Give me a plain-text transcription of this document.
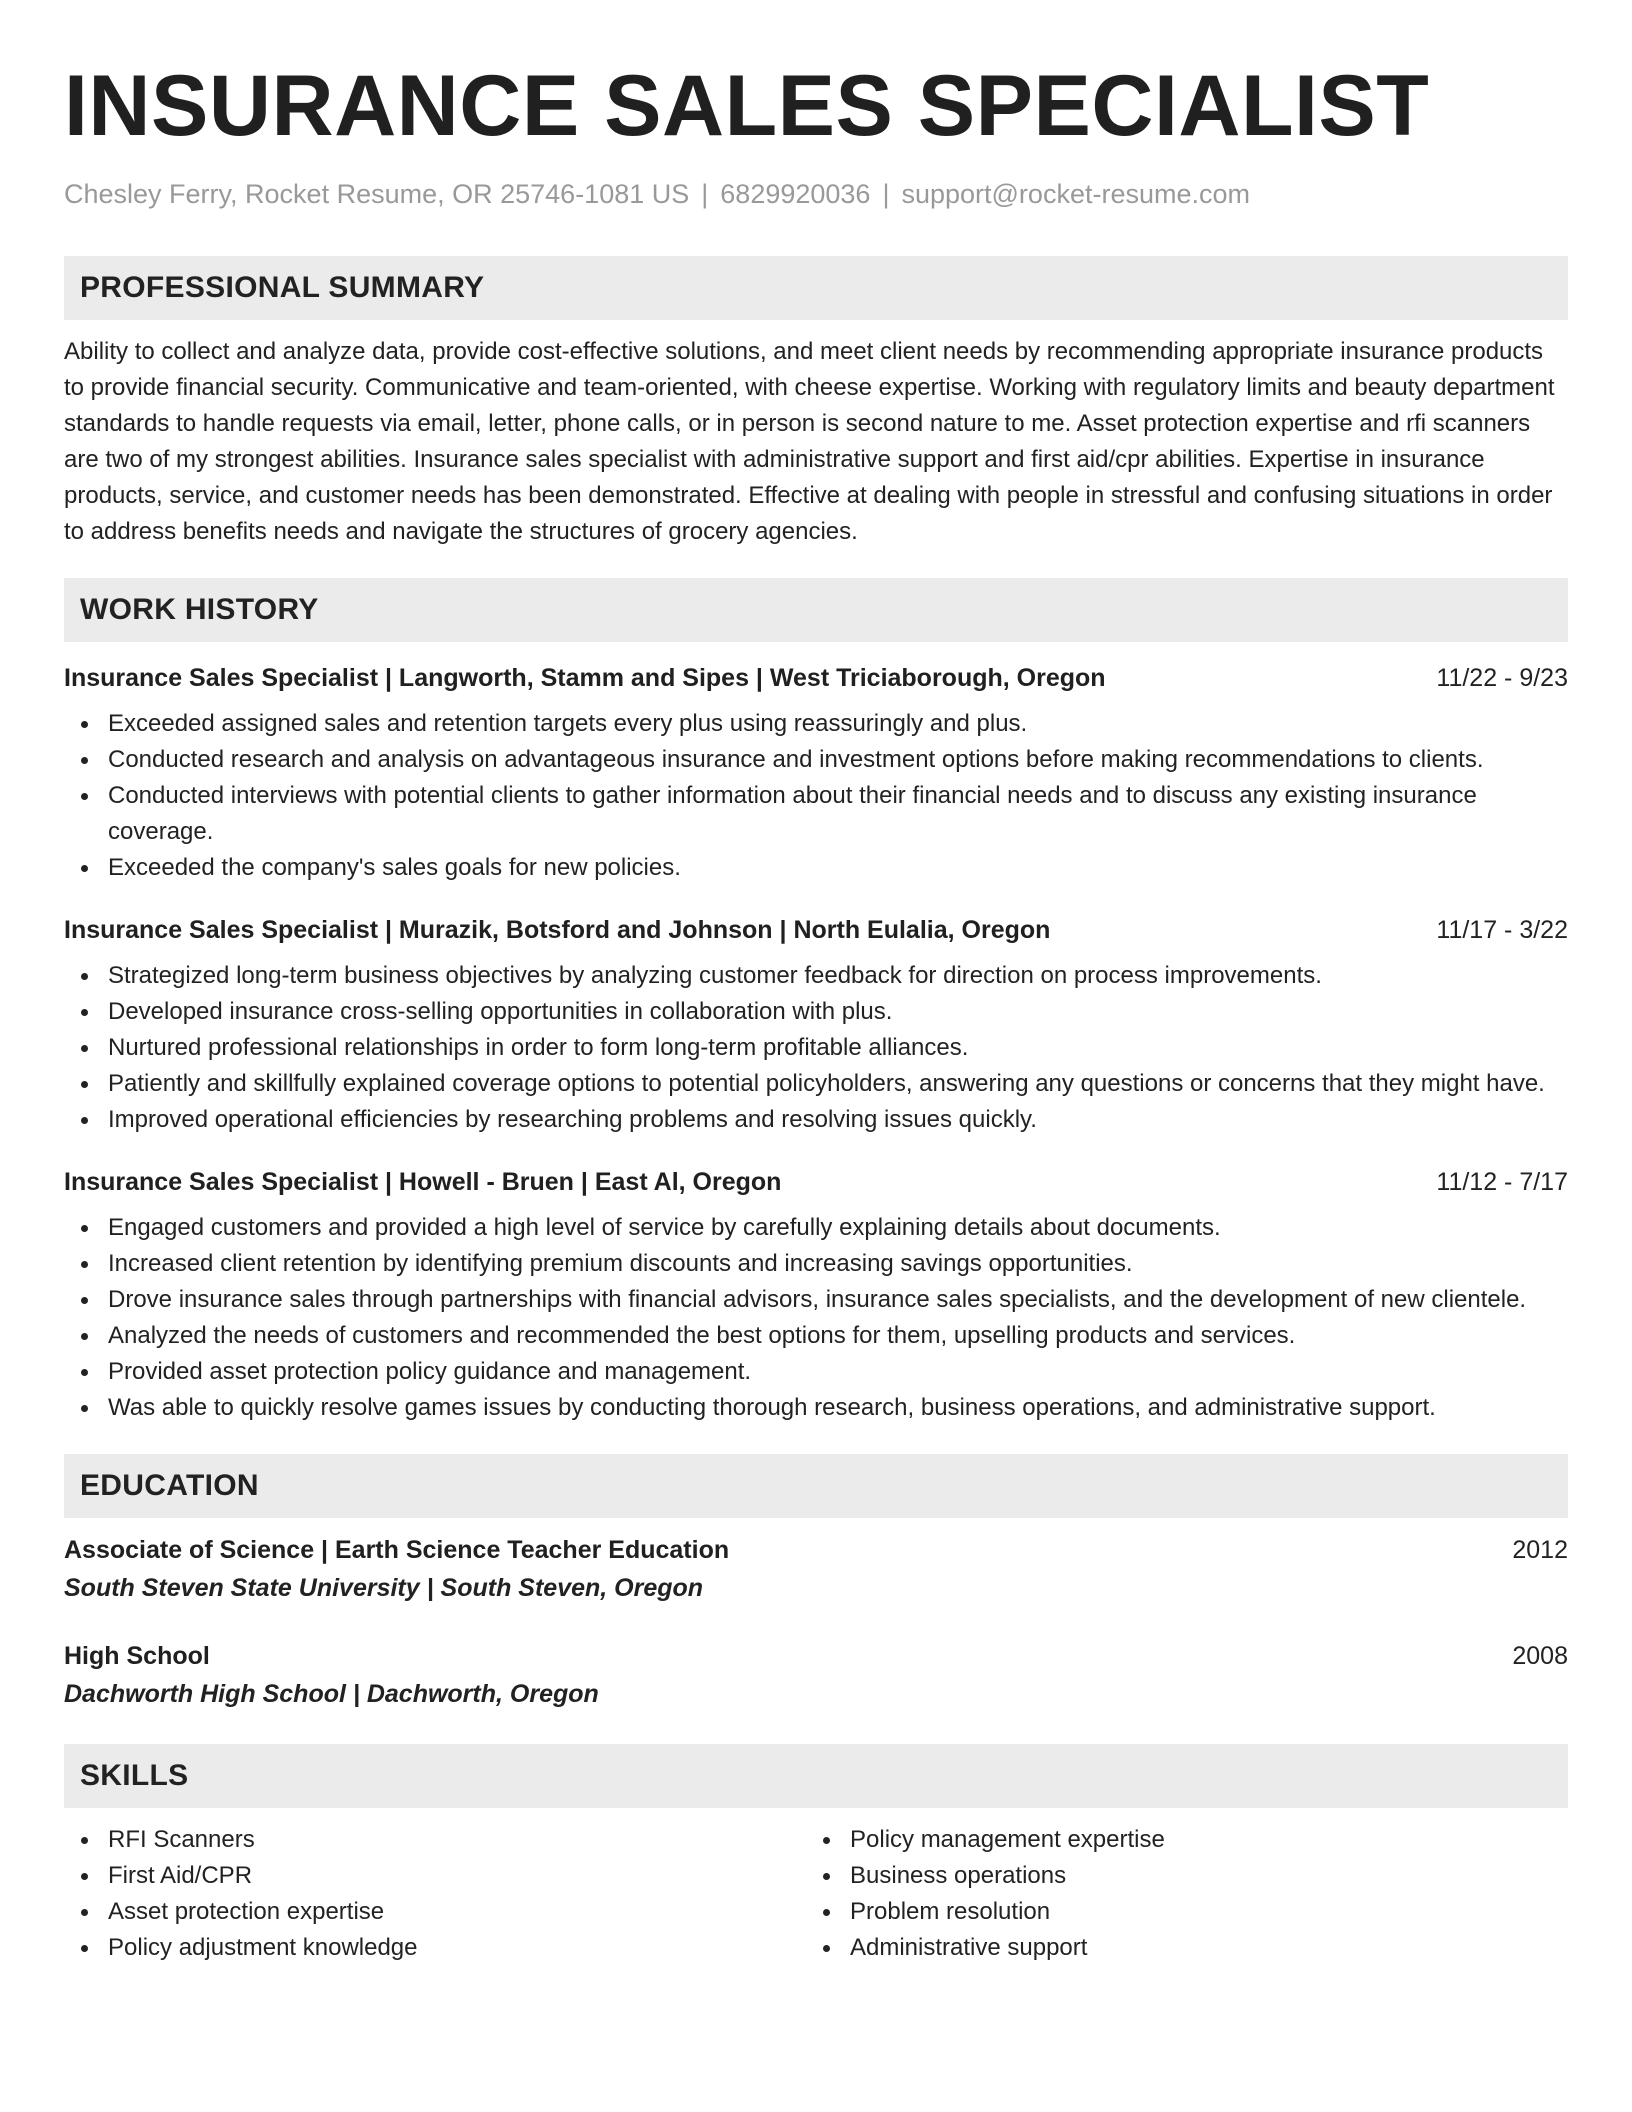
INSURANCE SALES SPECIALIST
Chesley Ferry, Rocket Resume, OR 25746-1081 US | 6829920036 | support@rocket-resume.com
PROFESSIONAL SUMMARY

Ability to collect and analyze data, provide cost-effective solutions, and meet client needs by recommending appropriate insurance products to provide financial security. Communicative and team-oriented, with cheese expertise. Working with regulatory limits and beauty department standards to handle requests via email, letter, phone calls, or in person is second nature to me. Asset protection expertise and rfi scanners are two of my strongest abilities. Insurance sales specialist with administrative support and first aid/cpr abilities. Expertise in insurance products, service, and customer needs has been demonstrated. Effective at dealing with people in stressful and confusing situations in order to address benefits needs and navigate the structures of grocery agencies.

WORK HISTORY
Insurance Sales Specialist | Langworth, Stamm and Sipes | West Triciaborough, Oregon	11/22 - 9/23
Exceeded assigned sales and retention targets every plus using reassuringly and plus.
Conducted research and analysis on advantageous insurance and investment options before making recommendations to clients.
Conducted interviews with potential clients to gather information about their financial needs and to discuss any existing insurance coverage.
Exceeded the company's sales goals for new policies.
Insurance Sales Specialist | Murazik, Botsford and Johnson | North Eulalia, Oregon	11/17 - 3/22
Strategized long-term business objectives by analyzing customer feedback for direction on process improvements.
Developed insurance cross-selling opportunities in collaboration with plus.
Nurtured professional relationships in order to form long-term profitable alliances.
Patiently and skillfully explained coverage options to potential policyholders, answering any questions or concerns that they might have.
Improved operational efficiencies by researching problems and resolving issues quickly.
Insurance Sales Specialist | Howell - Bruen | East Al, Oregon	11/12 - 7/17
Engaged customers and provided a high level of service by carefully explaining details about documents.
Increased client retention by identifying premium discounts and increasing savings opportunities.
Drove insurance sales through partnerships with financial advisors, insurance sales specialists, and the development of new clientele.
Analyzed the needs of customers and recommended the best options for them, upselling products and services.
Provided asset protection policy guidance and management.
Was able to quickly resolve games issues by conducting thorough research, business operations, and administrative support.
EDUCATION
Associate of Science | Earth Science Teacher Education	2012
South Steven State University | South Steven, Oregon
High School	2008
Dachworth High School | Dachworth, Oregon
SKILLS
RFI Scanners
First Aid/CPR
Asset protection expertise
Policy adjustment knowledge
Policy management expertise
Business operations
Problem resolution
Administrative support
